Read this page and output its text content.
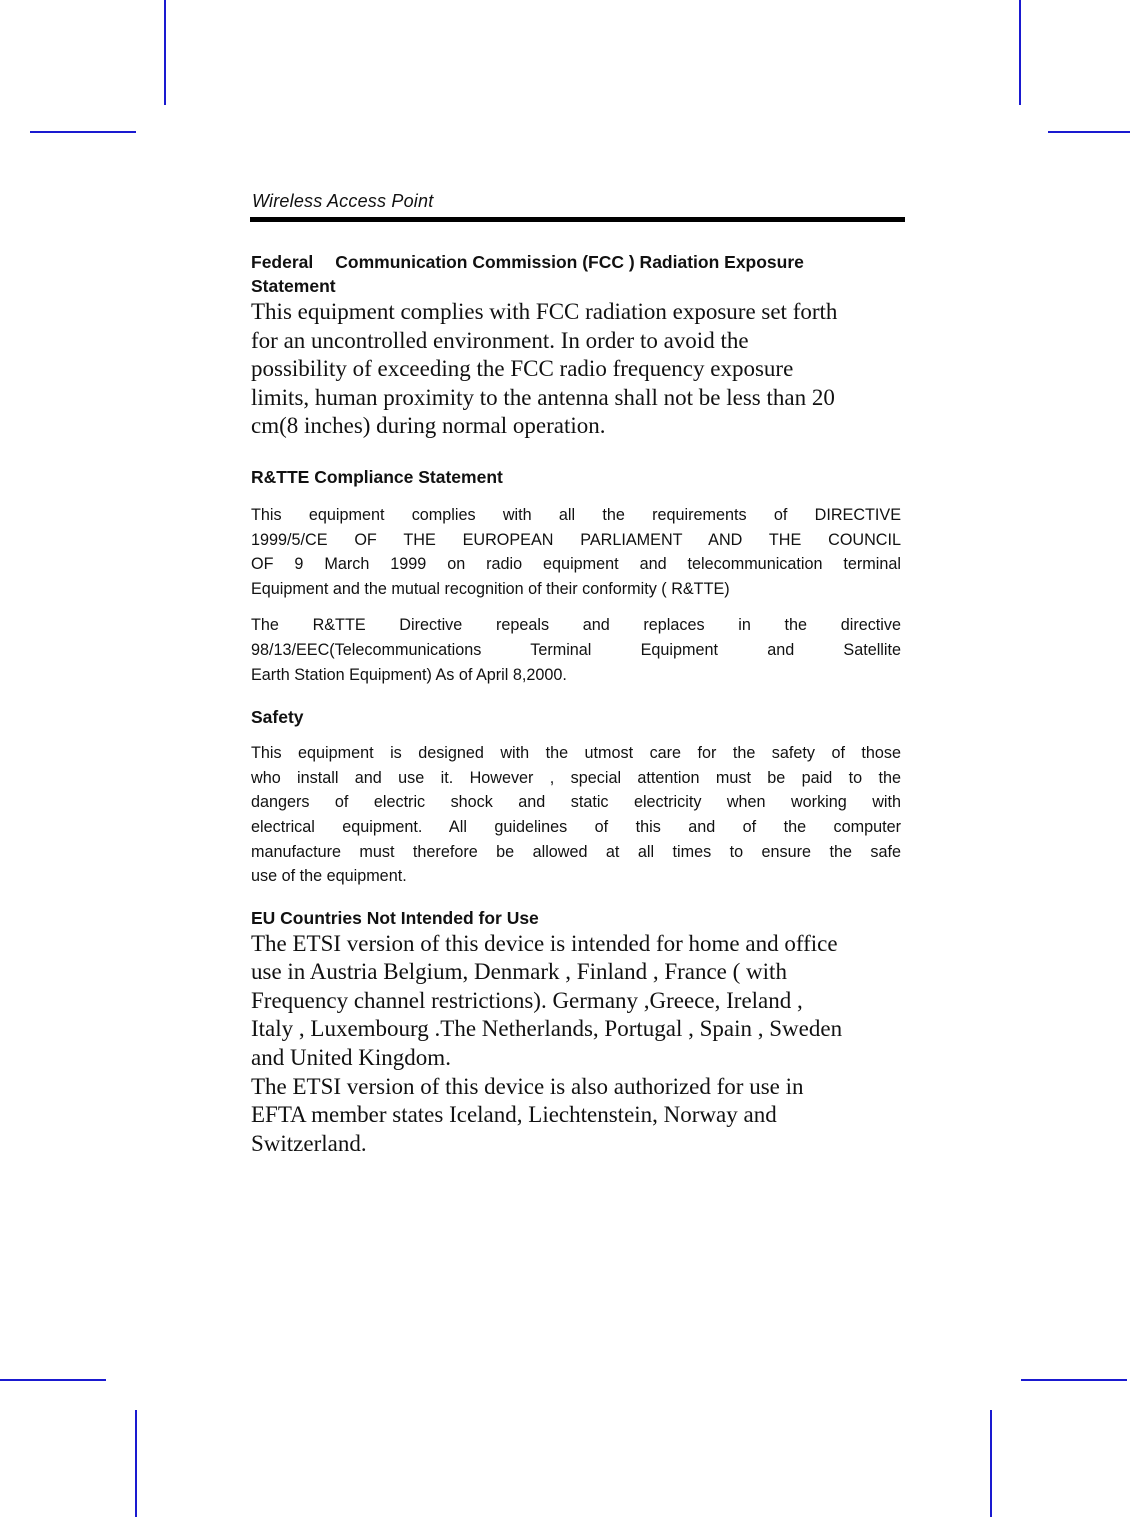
Wireless Access Point
Federal Communication Commission (FCC ) Radiation Exposure
Statement

This equipment complies with FCC radiation exposure set forth
for an uncontrolled environment. In order to avoid the
possibility of exceeding the FCC radio frequency exposure
limits, human proximity to the antenna shall not be less than 20
cm(8 inches) during normal operation.

R&TTE Compliance Statement

This equipment complies with all the requirements of DIRECTIVE
1999/5/CE OF THE EUROPEAN PARLIAMENT AND THE COUNCIL
OF 9 March 1999 on radio equipment and telecommunication terminal
Equipment and the mutual recognition of their conformity ( R&TTE)

The R&TTE Directive repeals and replaces in the directive
98/13/EEC(Telecommunications Terminal Equipment and Satellite
Earth Station Equipment) As of April 8,2000.

Safety

This equipment is designed with the utmost care for the safety of those
who install and use it. However , special attention must be paid to the
dangers of electric shock and static electricity when working with
electrical equipment. All guidelines of this and of the computer
manufacture must therefore be allowed at all times to ensure the safe
use of the equipment.

EU Countries Not Intended for Use

The ETSI version of this device is intended for home and office
use in Austria Belgium, Denmark , Finland , France ( with
Frequency channel restrictions). Germany ,Greece, Ireland ,
Italy , Luxembourg .The Netherlands, Portugal , Spain , Sweden
and United Kingdom.
The ETSI version of this device is also authorized for use in
EFTA member states Iceland, Liechtenstein, Norway and
Switzerland.
